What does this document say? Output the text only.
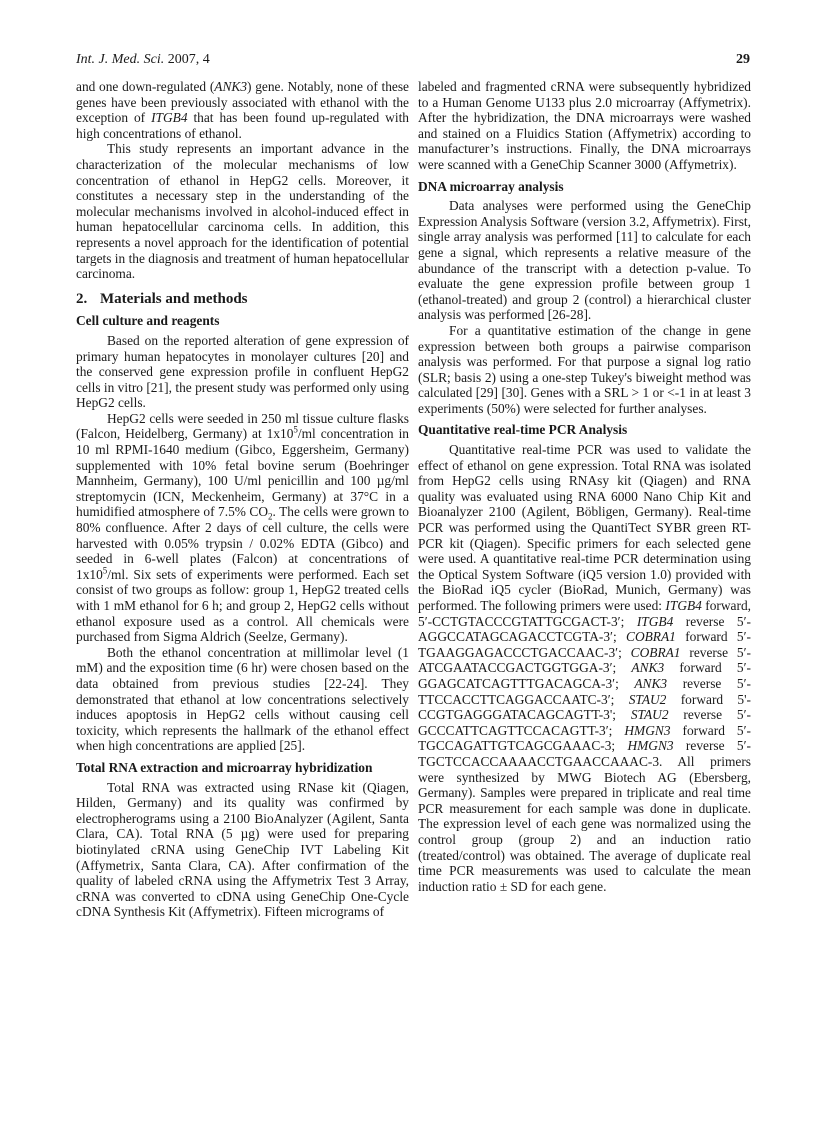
Int. J. Med. Sci. 2007, 4	29

and one down-regulated (ANK3) gene. Notably, none of these genes have been previously associated with ethanol with the exception of ITGB4 that has been found up-regulated with high concentrations of ethanol.

This study represents an important advance in the characterization of the molecular mechanisms of low concentration of ethanol in HepG2 cells. Moreover, it constitutes a necessary step in the understanding of the molecular mechanisms involved in alcohol-induced effect in human hepatocellular carcinoma cells. In addition, this represents a novel approach for the identification of potential targets in the diagnosis and treatment of human hepatocellular carcinoma.

2. Materials and methods
Cell culture and reagents

Based on the reported alteration of gene expression of primary human hepatocytes in monolayer cultures [20] and the conserved gene expression profile in confluent HepG2 cells in vitro [21], the present study was performed only using HepG2 cells.

HepG2 cells were seeded in 250 ml tissue culture flasks (Falcon, Heidelberg, Germany) at $1x10^5/ml$ concentration in 10 ml RPMI-1640 medium (Gibco, Eggersheim, Germany) supplemented with 10% fetal bovine serum (Boehringer Mannheim, Germany), 100 U/ml penicillin and 100 µg/ml streptomycin (ICN, Meckenheim, Germany) at 37°C in a humidified atmosphere of 7.5% $CO_2$. The cells were grown to 80% confluence. After 2 days of cell culture, the cells were harvested with 0.05% trypsin / 0.02% EDTA (Gibco) and seeded in 6-well plates (Falcon) at concentrations of $1x10^5/ml$. Six sets of experiments were performed. Each set consist of two groups as follow: group 1, HepG2 treated cells with 1 mM ethanol for 6 h; and group 2, HepG2 cells without ethanol exposure used as a control. All chemicals were purchased from Sigma Aldrich (Seelze, Germany).

Both the ethanol concentration at millimolar level (1 mM) and the exposition time (6 hr) were chosen based on the data obtained from previous studies [22-24]. They demonstrated that ethanol at low concentrations selectively induces apoptosis in HepG2 cells without causing cell toxicity, which represents the hallmark of the ethanol effect when high concentrations are applied [25].

Total RNA extraction and microarray hybridization

Total RNA was extracted using RNase kit (Qiagen, Hilden, Germany) and its quality was confirmed by electropherograms using a 2100 BioAnalyzer (Agilent, Santa Clara, CA). Total RNA (5 µg) were used for preparing biotinylated cRNA using GeneChip IVT Labeling Kit (Affymetrix, Santa Clara, CA). After confirmation of the quality of labeled cRNA using the Affymetrix Test 3 Array, cRNA was converted to cDNA using GeneChip One-Cycle cDNA Synthesis Kit (Affymetrix). Fifteen micrograms of

labeled and fragmented cRNA were subsequently hybridized to a Human Genome U133 plus 2.0 microarray (Affymetrix). After the hybridization, the DNA microarrays were washed and stained on a Fluidics Station (Affymetrix) according to manufacturer’s instructions. Finally, the DNA microarrays were scanned with a GeneChip Scanner 3000 (Affymetrix).

DNA microarray analysis

Data analyses were performed using the GeneChip Expression Analysis Software (version 3.2, Affymetrix). First, single array analysis was performed [11] to calculate for each gene a signal, which represents a relative measure of the abundance of the transcript with a detection p-value. To evaluate the gene expression profile between group 1 (ethanol-treated) and group 2 (control) a hierarchical cluster analysis was performed [26-28].

For a quantitative estimation of the change in gene expression between both groups a pairwise comparison analysis was performed. For that purpose a signal log ratio (SLR; basis 2) using a one-step Tukey's biweight method was calculated [29] [30]. Genes with a SRL > 1 or <-1 in at least 3 experiments (50%) were selected for further analyses.

Quantitative real-time PCR Analysis

Quantitative real-time PCR was used to validate the effect of ethanol on gene expression. Total RNA was isolated from HepG2 cells using RNAsy kit (Qiagen) and RNA quality was evaluated using RNA 6000 Nano Chip Kit and Bioanalyzer 2100 (Agilent, Böbligen, Germany). Real-time PCR was performed using the QuantiTect SYBR green RT-PCR kit (Qiagen). Specific primers for each selected gene were used. A quantitative real-time PCR determination using the Optical System Software (iQ5 version 1.0) provided with the BioRad iQ5 cycler (BioRad, Munich, Germany) was performed. The following primers were used: ITGB4 forward, 5′-CCTGTACCCGTATTGCGACT-3′; ITGB4 reverse 5′-AGGCCATAGCAGACCTCGTA-3′; COBRA1 forward 5′-TGAAGGAGACCCTGACCAAC-3′; COBRA1 reverse 5′-ATCGAATACCGACTGGTGGA-3′; ANK3 forward 5′-GGAGCATCAGTTTGACAGCA-3′; ANK3 reverse 5′-TTCCACCTTCAGGACCAATC-3′; STAU2 forward 5'-CCGTGAGGGATACAGCAGTT-3'; STAU2 reverse 5′-GCCCATTCAGTTCCACAGTT-3′; HMGN3 forward 5′-TGCCAGATTGTCAGCGAAAC-3; HMGN3 reverse 5′-TGCTCCACCAAAACCTGAACCAAAC-3. All primers were synthesized by MWG Biotech AG (Ebersberg, Germany). Samples were prepared in triplicate and real time PCR measurement for each sample was done in duplicate. The expression level of each gene was normalized using the control group (group 2) and an induction ratio (treated/control) was obtained. The average of duplicate real time PCR measurements was used to calculate the mean induction ratio ± SD for each gene.
